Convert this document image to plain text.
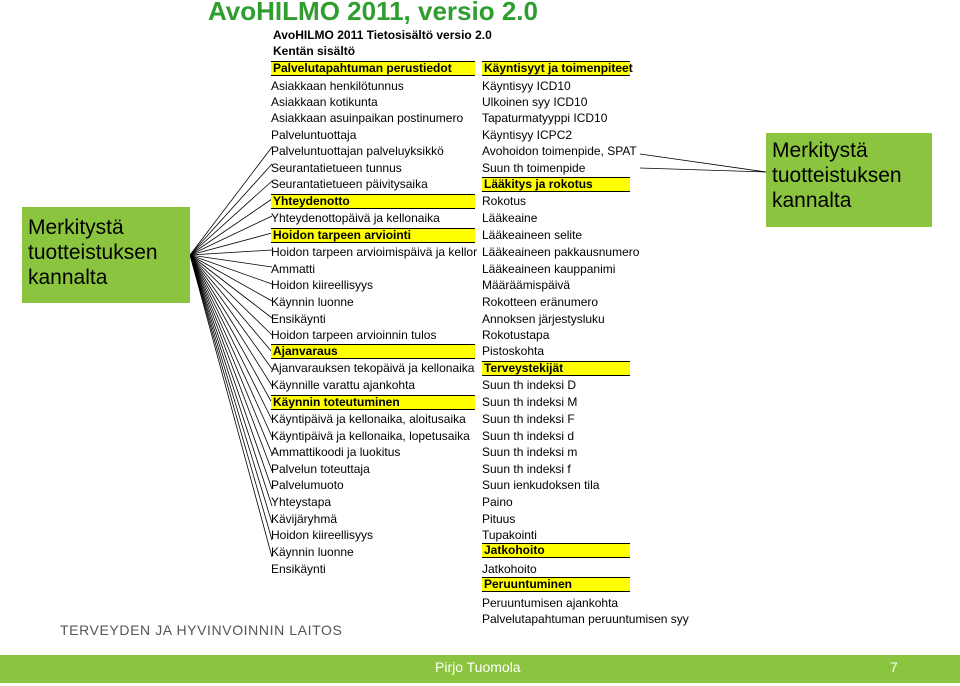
AvoHILMO 2011, versio 2.0
AvoHILMO 2011 Tietosisältö versio 2.0
Kentän sisältö
Palvelutapahtuman perustiedot
Asiakkaan henkilötunnus
Asiakkaan kotikunta
Asiakkaan asuinpaikan postinumero
Palveluntuottaja
Palveluntuottajan palveluyksikkö
Seurantatietueen tunnus
Seurantatietueen päivitysaika
Yhteydenotto
Yhteydenottopäivä ja kellonaika
Hoidon tarpeen arviointi
Hoidon tarpeen arvioimispäivä ja kellor
Ammatti
Hoidon kiireellisyys
Käynnin luonne
Ensikäynti
Hoidon tarpeen arvioinnin tulos
Ajanvaraus
Ajanvarauksen tekopäivä ja kellonaika
Käynnille varattu ajankohta
Käynnin toteutuminen
Käyntipäivä ja kellonaika, aloitusaika
Käyntipäivä ja kellonaika, lopetusaika
Ammattikoodi ja luokitus
Palvelun toteuttaja
Palvelumuoto
Yhteystapa
Kävijäryhmä
Hoidon kiireellisyys
Käynnin luonne
Ensikäynti
Käyntisyyt ja toimenpiteet
Käyntisyy ICD10
Ulkoinen syy ICD10
Tapaturmatyyppi ICD10
Käyntisyy ICPC2
Avohoidon toimenpide, SPAT
Suun th toimenpide
Lääkitys ja rokotus
Rokotus
Lääkeaine
Lääkeaineen selite
Lääkeaineen pakkausnumero
Lääkeaineen kauppanimi
Määräämispäivä
Rokotteen eränumero
Annoksen järjestysluku
Rokotustapa
Pistoskohta
Terveystekijät
Suun th indeksi D
Suun th indeksi M
Suun th indeksi F
Suun th indeksi d
Suun th indeksi m
Suun th indeksi f
Suun ienkudoksen tila
Paino
Pituus
Tupakointi
Jatkohoito
Jatkohoito
Peruuntuminen
Peruuntumisen ajankohta
Palvelutapahtuman peruuntumisen syy
Merkitystä tuotteistuksen kannalta
Merkitystä tuotteistuksen kannalta
TERVEYDEN JA HYVINVOINNIN LAITOS
Pirjo Tuomola	7
